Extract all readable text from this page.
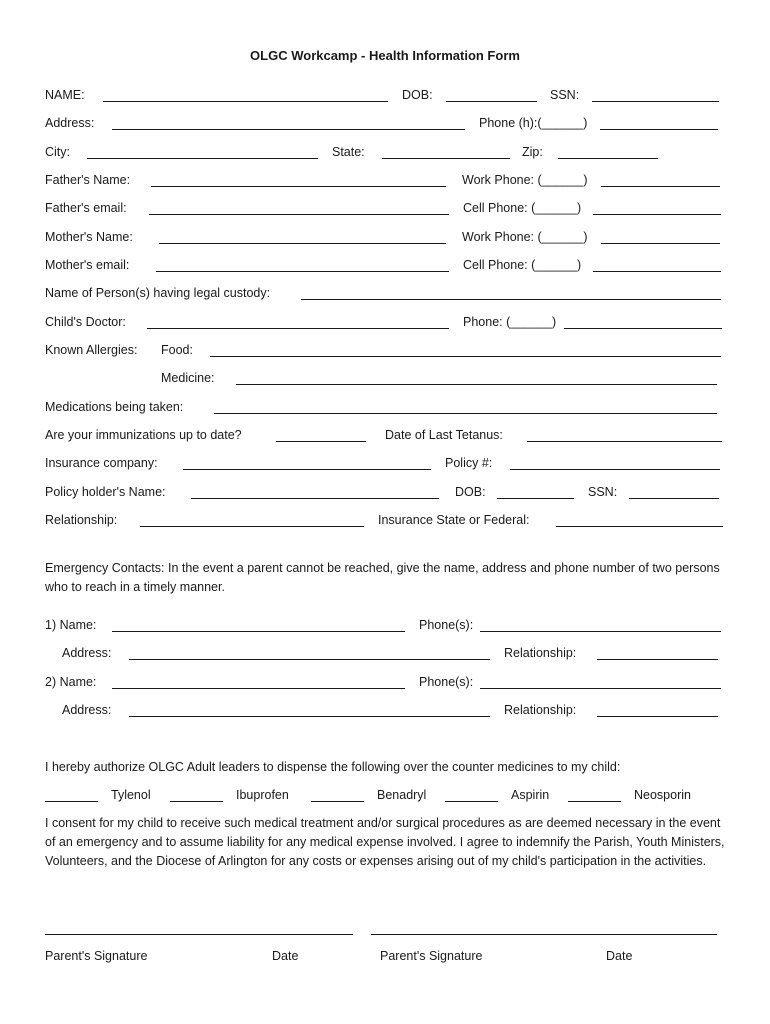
OLGC Workcamp - Health Information Form
NAME:	DOB:	SSN:
Address:	Phone (h):(______)
City:	State:	Zip:
Father's Name:	Work Phone: (______)
Father's email:	Cell Phone: (______)
Mother's Name:	Work Phone: (______)
Mother's email:	Cell Phone: (______)
Name of Person(s) having legal custody:
Child's Doctor:	Phone: (______)
Known Allergies: Food:
Medicine:
Medications being taken:
Are your immunizations up to date?	Date of Last Tetanus:
Insurance company:	Policy #:
Policy holder's Name:	DOB:	SSN:
Relationship:	Insurance State or Federal:
Emergency Contacts: In the event a parent cannot be reached, give the name, address and phone number of two persons who to reach in a timely manner.
1) Name:	Phone(s):
Address:	Relationship:
2) Name:	Phone(s):
Address:	Relationship:
I hereby authorize OLGC Adult leaders to dispense the following over the counter medicines to my child:
Tylenol	Ibuprofen	Benadryl	Aspirin	Neosporin
I consent for my child to receive such medical treatment and/or surgical procedures as are deemed necessary in the event of an emergency and to assume liability for any medical expense involved. I agree to indemnify the Parish, Youth Ministers, Volunteers, and the Diocese of Arlington for any costs or expenses arising out of my child's participation in the activities.
Parent's Signature	Date	Parent's Signature	Date
